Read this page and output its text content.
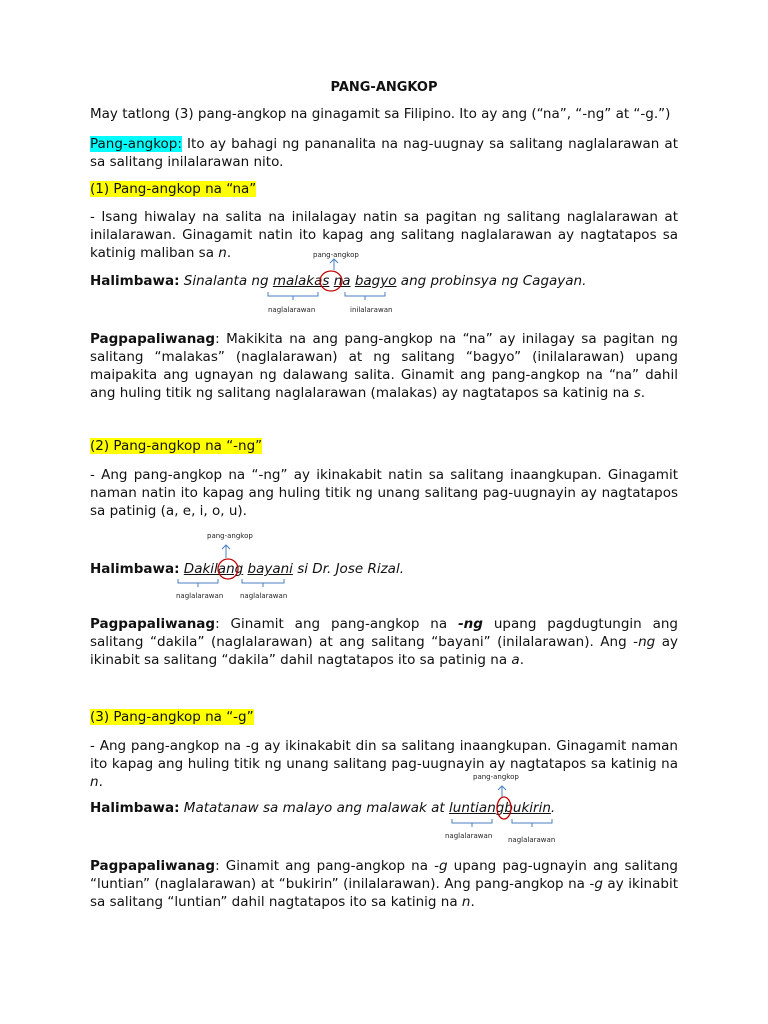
PANG-ANGKOP

May tatlong (3) pang-angkop na ginagamit sa Filipino. Ito ay ang (“na”, “-ng” at “-g.”)

Pang-angkop: Ito ay bahagi ng pananalita na nag-uugnay sa salitang naglalarawan at sa salitang inilalarawan nito.

(1) Pang-angkop na “na”

- Isang hiwalay na salita na inilalagay natin sa pagitan ng salitang naglalarawan at inilalarawan. Ginagamit natin ito kapag ang salitang naglalarawan ay nagtatapos sa katinig maliban sa n.

Halimbawa: Sinalanta ng malakas na bagyo ang probinsya ng Cagayan.

pang-angkop
naglalarawan	inilalarawan

Pagpapaliwanag: Makikita na ang pang-angkop na “na” ay inilagay sa pagitan ng salitang “malakas” (naglalarawan) at ng salitang “bagyo” (inilalarawan) upang maipakita ang ugnayan ng dalawang salita. Ginamit ang pang-angkop na “na” dahil ang huling titik ng salitang naglalarawan (malakas) ay nagtatapos sa katinig na s.

(2) Pang-angkop na “-ng”

- Ang pang-angkop na “-ng” ay ikinakabit natin sa salitang inaangkupan. Ginagamit naman natin ito kapag ang huling titik ng unang salitang pag-uugnayin ay nagtatapos sa patinig (a, e, i, o, u).

Halimbawa: Dakilang bayani si Dr. Jose Rizal.

pang-angkop
naglalarawan naglalarawan

Pagpapaliwanag: Ginamit ang pang-angkop na -ng upang pagdugtungin ang salitang “dakila” (naglalarawan) at ang salitang “bayani” (inilalarawan). Ang -ng ay ikinabit sa salitang “dakila” dahil nagtatapos ito sa patinig na a.

(3) Pang-angkop na “-g”

- Ang pang-angkop na -g ay ikinakabit din sa salitang inaangkupan. Ginagamit naman ito kapag ang huling titik ng unang salitang pag-uugnayin ay nagtatapos sa katinig na n.

Halimbawa: Matatanaw sa malayo ang malawak at luntiangbukirin.

pang-angkop
naglalarawan naglalarawan

Pagpapaliwanag: Ginamit ang pang-angkop na -g upang pag-ugnayin ang salitang “luntian” (naglalarawan) at “bukirin” (inilalarawan). Ang pang-angkop na -g ay ikinabit sa salitang “luntian” dahil nagtatapos ito sa katinig na n.
